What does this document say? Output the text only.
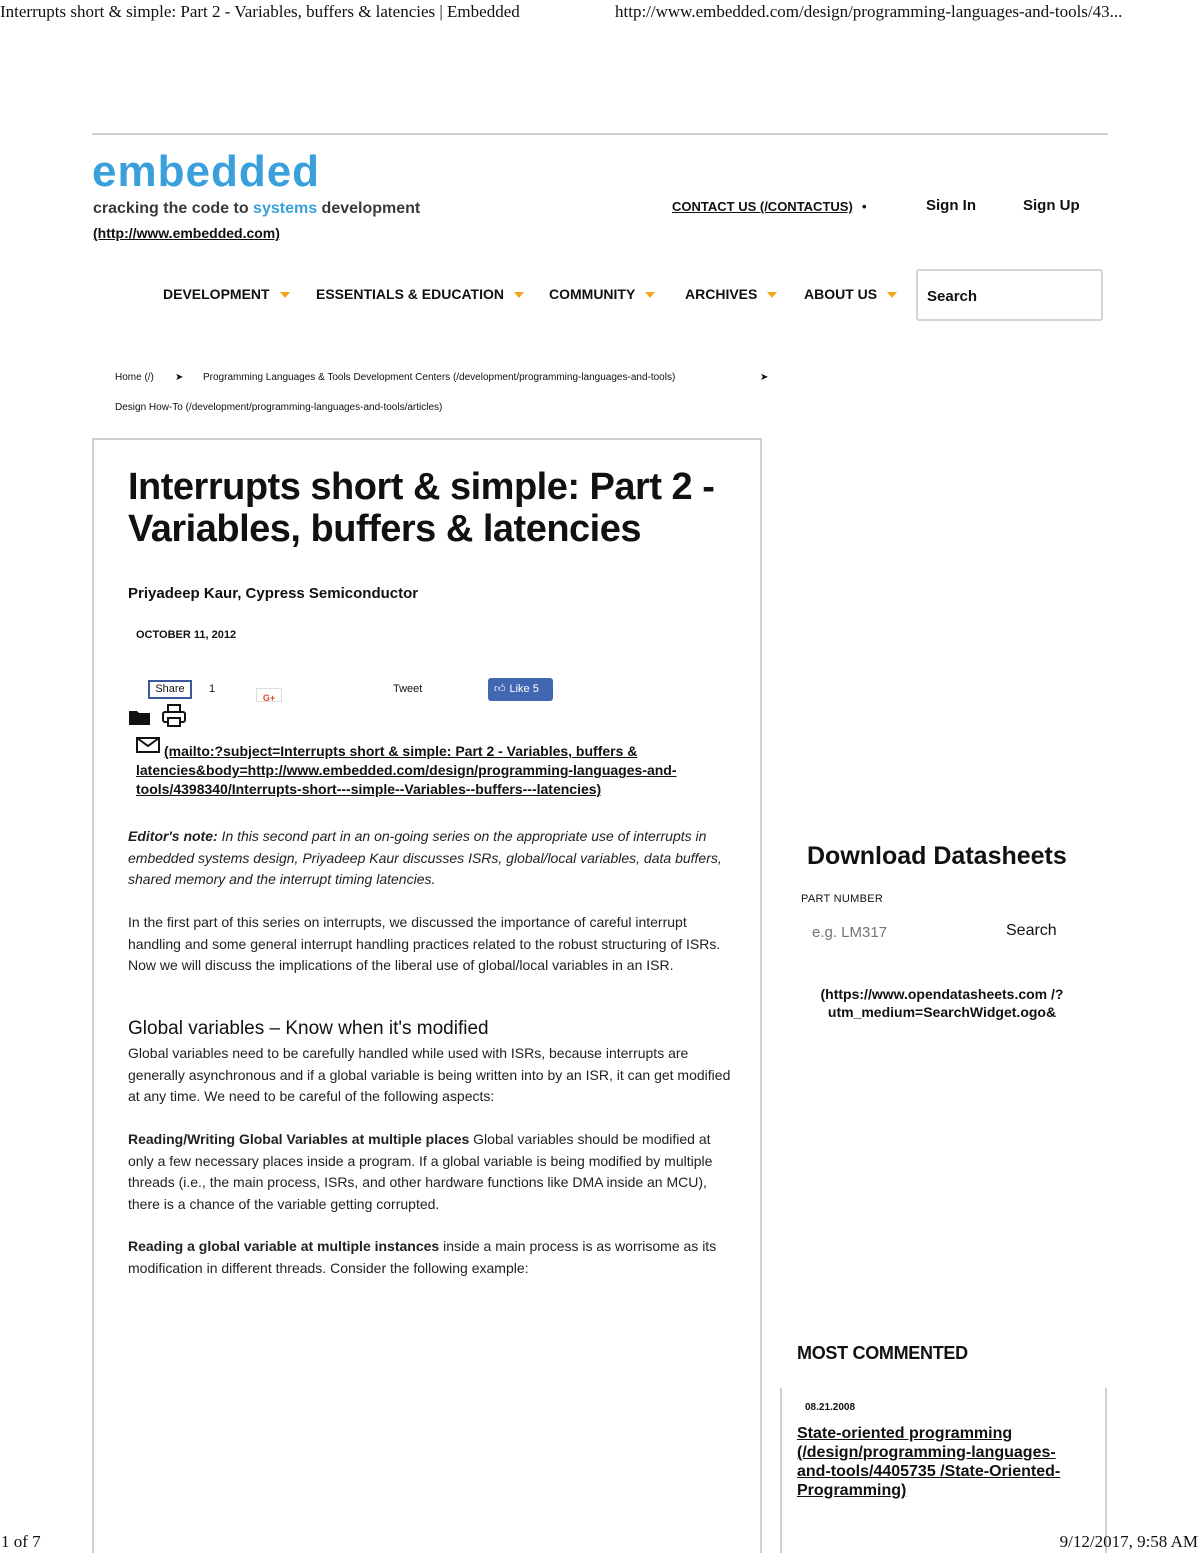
Interrupts short & simple: Part 2 - Variables, buffers & latencies | Embedded	http://www.embedded.com/design/programming-languages-and-tools/43...
embedded
cracking the code to systems development
(http://www.embedded.com)
CONTACT US (/CONTACTUS) •	Sign In	Sign Up
DEVELOPMENT	ESSENTIALS & EDUCATION	COMMUNITY	ARCHIVES	ABOUT US	Search
Home (/) ➤ Programming Languages & Tools Development Centers (/development/programming-languages-and-tools)	➤
Design How-To (/development/programming-languages-and-tools/articles)
Interrupts short & simple: Part 2 - Variables, buffers & latencies
Priyadeep Kaur, Cypress Semiconductor
OCTOBER 11, 2012
Share	1
G+
Tweet	👍︎ Like 5
(mailto:?subject=Interrupts short & simple: Part 2 - Variables, buffers & latencies&body=http://www.embedded.com/design/programming-languages-and-tools/4398340/Interrupts-short---simple--Variables--buffers---latencies)
Editor's note: In this second part in an on-going series on the appropriate use of interrupts in embedded systems design, Priyadeep Kaur discusses ISRs, global/local variables, data buffers, shared memory and the interrupt timing latencies.
In the first part of this series on interrupts, we discussed the importance of careful interrupt handling and some general interrupt handling practices related to the robust structuring of ISRs. Now we will discuss the implications of the liberal use of global/local variables in an ISR.
Global variables – Know when it's modified
Global variables need to be carefully handled while used with ISRs, because interrupts are generally asynchronous and if a global variable is being written into by an ISR, it can get modified at any time. We need to be careful of the following aspects:
Reading/Writing Global Variables at multiple places Global variables should be modified at only a few necessary places inside a program. If a global variable is being modified by multiple threads (i.e., the main process, ISRs, and other hardware functions like DMA inside an MCU), there is a chance of the variable getting corrupted.
Reading a global variable at multiple instances inside a main process is as worrisome as its modification in different threads. Consider the following example:
Download Datasheets
PART NUMBER
e.g. LM317
Search
(https://www.opendatasheets.com /?utm_medium=SearchWidget.ogo&
MOST COMMENTED
08.21.2008
State-oriented programming (/design/programming-languages-and-tools/4405735 /State-Oriented-Programming)
1 of 7	9/12/2017, 9:58 AM
